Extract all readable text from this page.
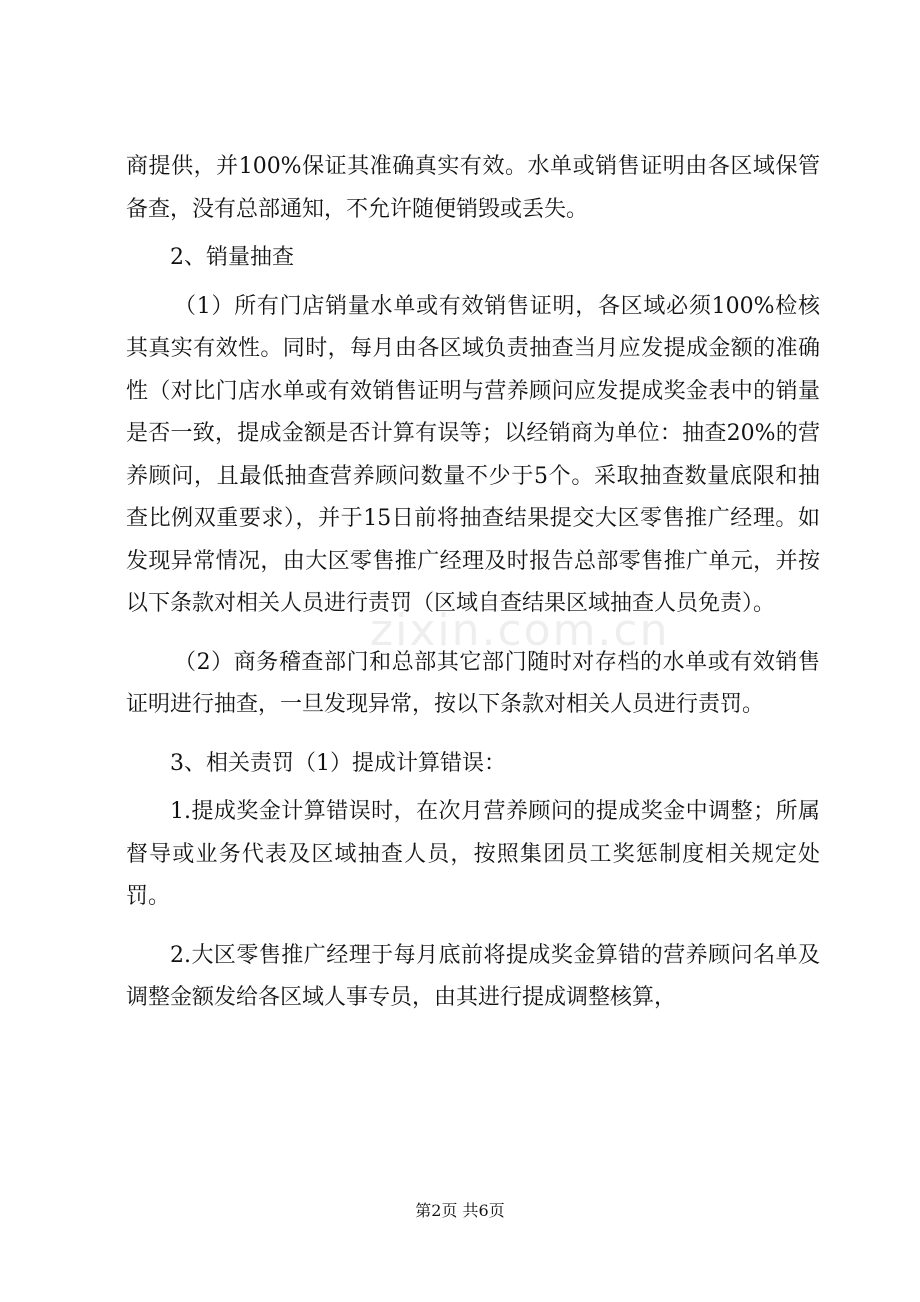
zixin.com.cn

商提供，并100%保证其准确真实有效。水单或销售证明由各区域保管备查，没有总部通知，不允许随便销毁或丢失。

2、销量抽查

（1）所有门店销量水单或有效销售证明，各区域必须100%检核其真实有效性。同时，每月由各区域负责抽查当月应发提成金额的准确性（对比门店水单或有效销售证明与营养顾问应发提成奖金表中的销量是否一致，提成金额是否计算有误等；以经销商为单位：抽查20%的营养顾问，且最低抽查营养顾问数量不少于5个。采取抽查数量底限和抽查比例双重要求），并于15日前将抽查结果提交大区零售推广经理。如发现异常情况，由大区零售推广经理及时报告总部零售推广单元，并按以下条款对相关人员进行责罚（区域自查结果区域抽查人员免责）。

（2）商务稽查部门和总部其它部门随时对存档的水单或有效销售证明进行抽查，一旦发现异常，按以下条款对相关人员进行责罚。

3、相关责罚（1）提成计算错误：

1.提成奖金计算错误时，在次月营养顾问的提成奖金中调整；所属督导或业务代表及区域抽查人员，按照集团员工奖惩制度相关规定处罚。

2.大区零售推广经理于每月底前将提成奖金算错的营养顾问名单及调整金额发给各区域人事专员，由其进行提成调整核算，

第2页 共6页
